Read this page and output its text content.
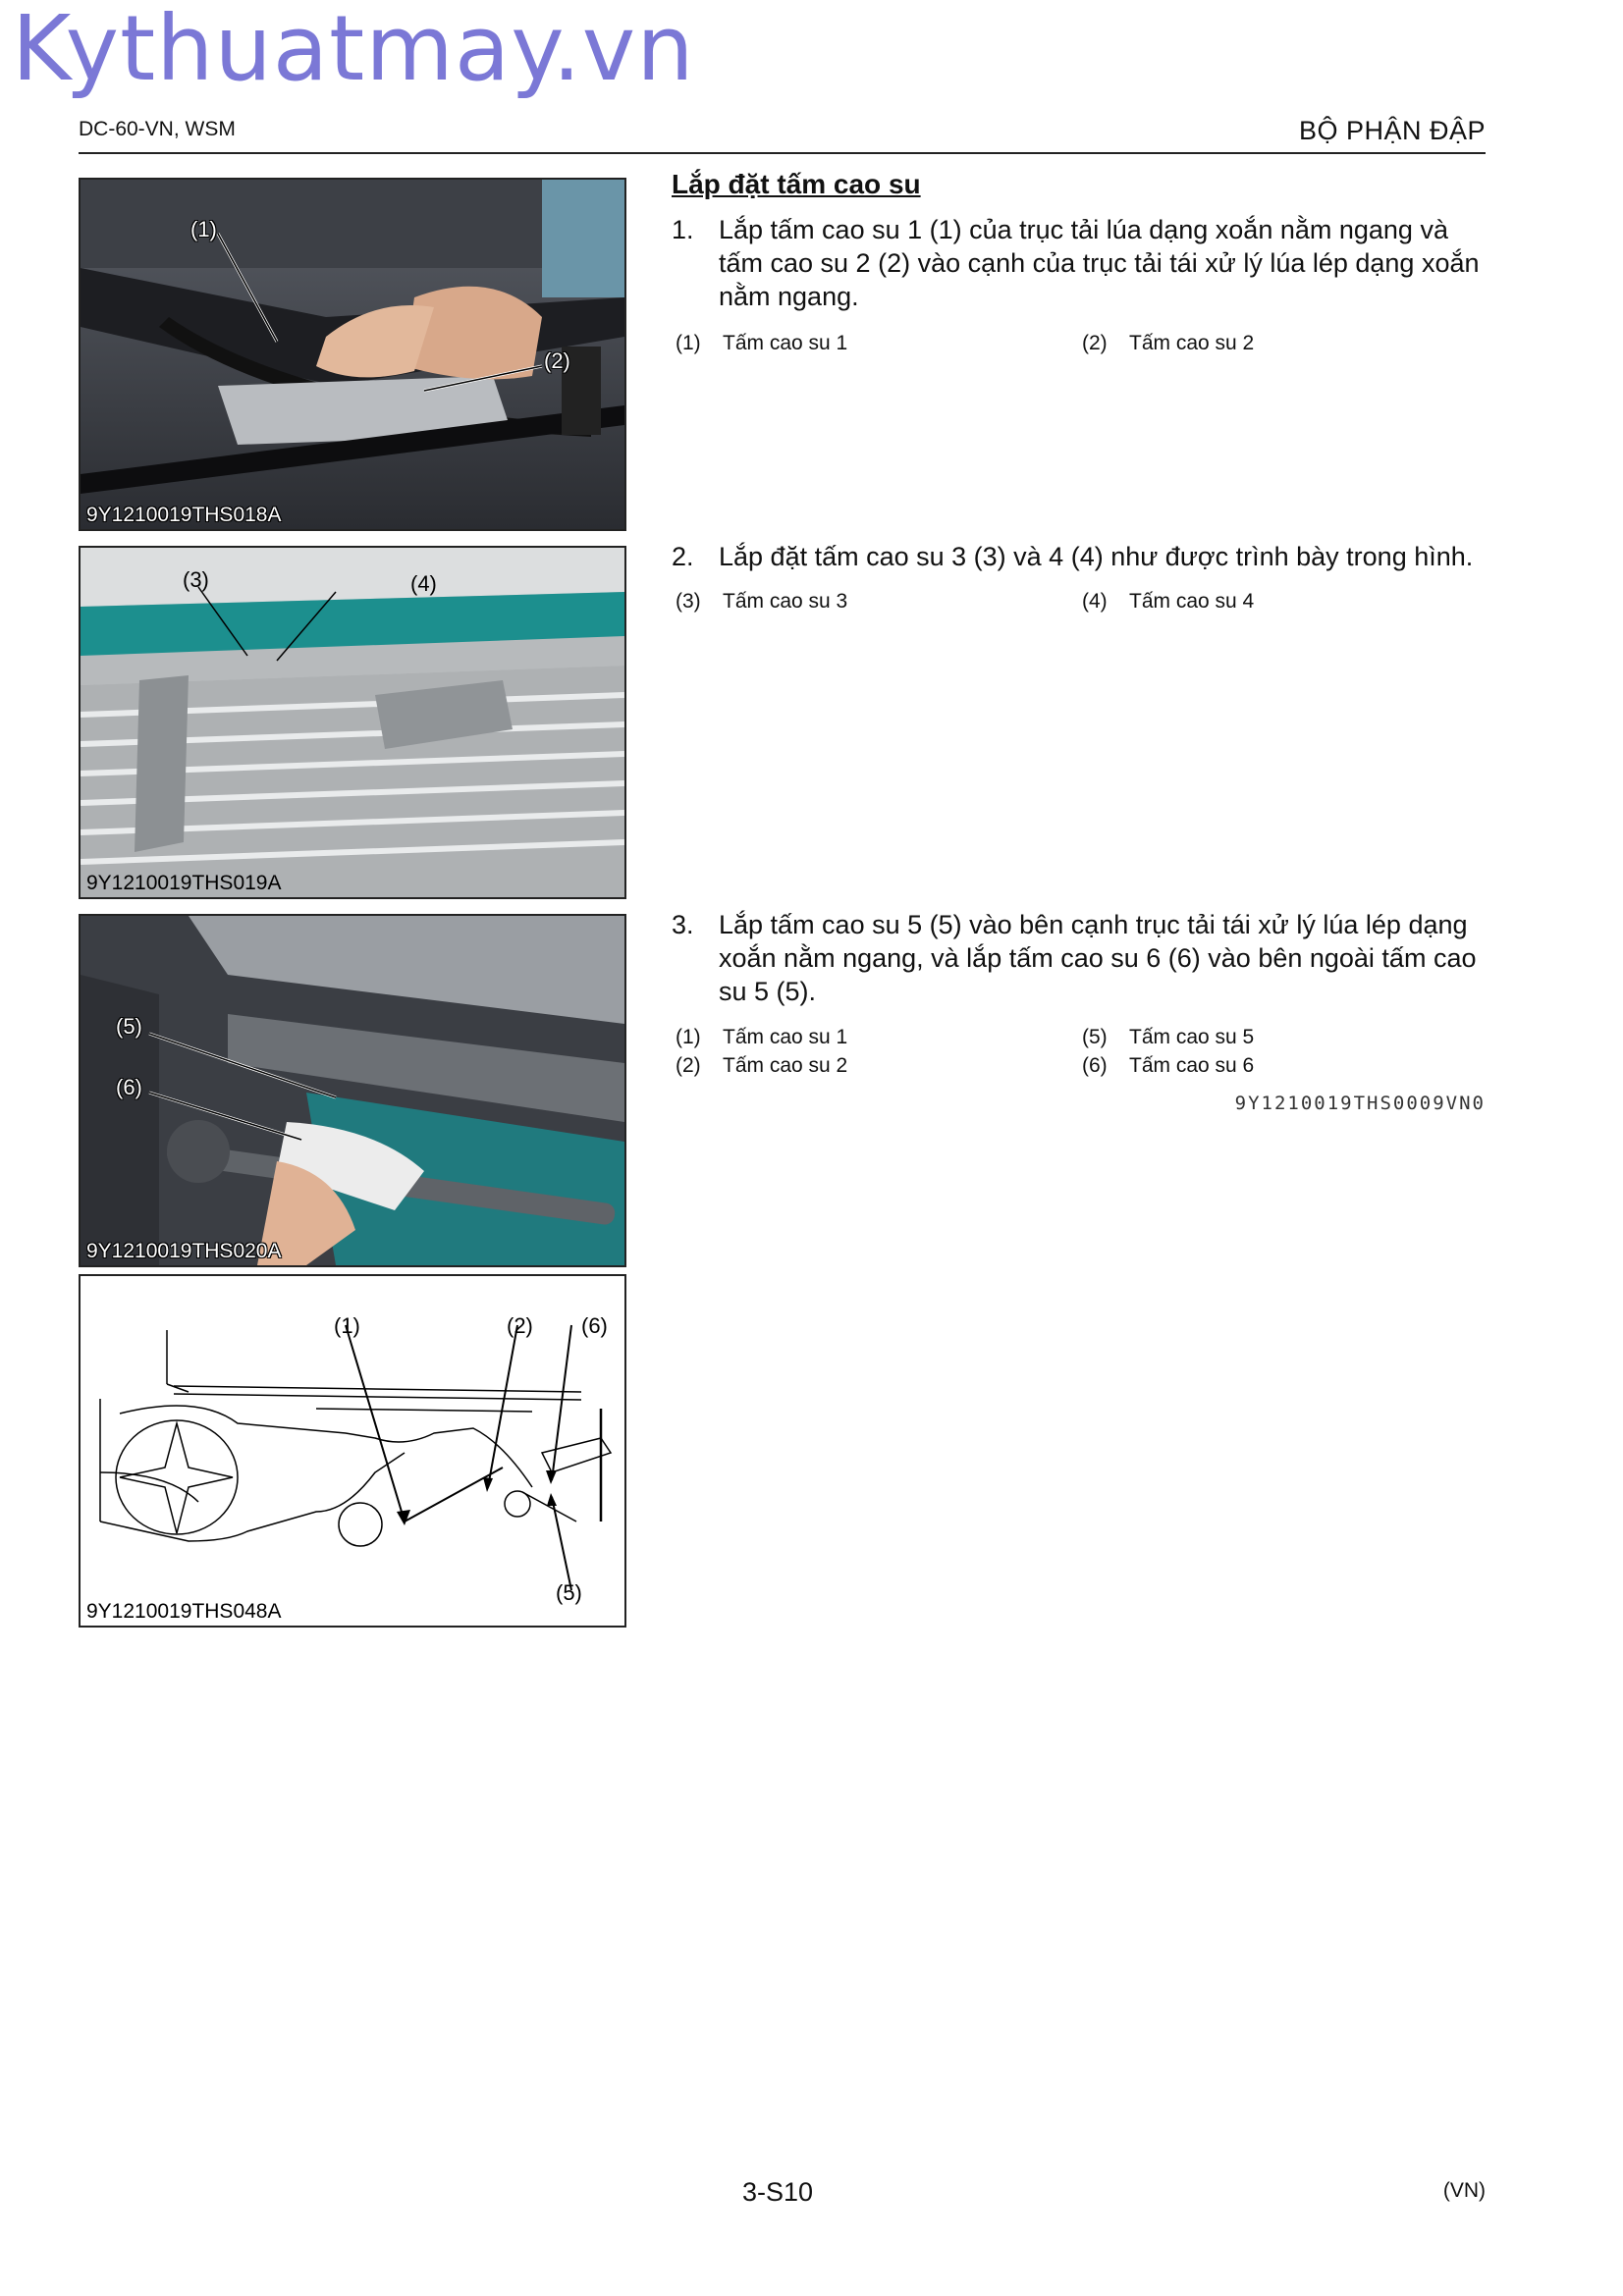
Kythuatmay.vn
DC-60-VN, WSM	BỘ PHẬN ĐẬP
(1)
(2)
9Y1210019THS018A
(3)	(4)
9Y1210019THS019A
(5)
(6)
9Y1210019THS020A
(1)	(2) (6)
(5)
9Y1210019THS048A
Lắp đặt tấm cao su
1. Lắp tấm cao su 1 (1) của trục tải lúa dạng xoắn nằm ngang và tấm cao su 2 (2) vào cạnh của trục tải tái xử lý lúa lép dạng xoắn nằm ngang.
(1) Tấm cao su 1	(2) Tấm cao su 2
2. Lắp đặt tấm cao su 3 (3) và 4 (4) như được trình bày trong hình.
(3) Tấm cao su 3	(4) Tấm cao su 4
3. Lắp tấm cao su 5 (5) vào bên cạnh trục tải tái xử lý lúa lép dạng xoắn nằm ngang, và lắp tấm cao su 6 (6) vào bên ngoài tấm cao su 5 (5).
(1) Tấm cao su 1	(5) Tấm cao su 5
(2) Tấm cao su 2	(6) Tấm cao su 6
9Y1210019THS0009VN0
3-S10	(VN)
